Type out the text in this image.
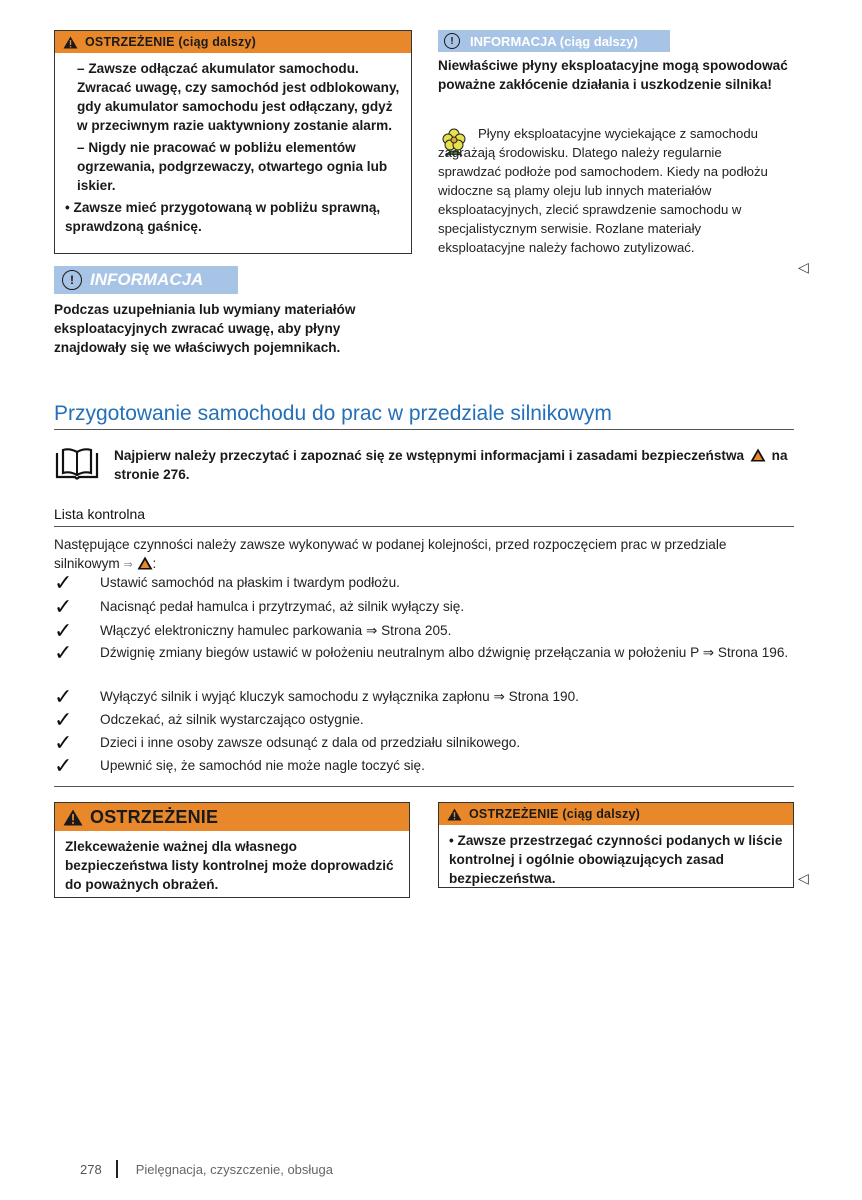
OSTRZEŻENIE (ciąg dalszy)

– Zawsze odłączać akumulator samochodu. Zwracać uwagę, czy samochód jest odblokowany, gdy akumulator samochodu jest odłączany, gdyż w przeciwnym razie uaktywniony zostanie alarm.

– Nigdy nie pracować w pobliżu elementów ogrzewania, podgrzewaczy, otwartego ognia lub iskier.

• Zawsze mieć przygotowaną w pobliżu sprawną, sprawdzoną gaśnicę.

! INFORMACJA
Podczas uzupełniania lub wymiany materiałów eksploatacyjnych zwracać uwagę, aby płyny znajdowały się we właściwych pojemnikach.
!	INFORMACJA (ciąg dalszy)
Niewłaściwe płyny eksploatacyjne mogą spowodować poważne zakłócenie działania i uszkodzenie silnika!
Płyny eksploatacyjne wyciekające z samochodu zagrażają środowisku. Dlatego należy regularnie sprawdzać podłoże pod samochodem. Kiedy na podłożu widoczne są plamy oleju lub innych materiałów eksploatacyjnych, zlecić sprawdzenie samochodu w specjalistycznym serwisie. Rozlane materiały eksploatacyjne należy fachowo zutylizować.
◁
Przygotowanie samochodu do prac w przedziale silnikowym
Najpierw należy przeczytać i zapoznać się ze wstępnymi informacjami i zasadami bezpieczeństwa na stronie 276.
Lista kontrolna
Następujące czynności należy zawsze wykonywać w podanej kolejności, przed rozpoczęciem prac w przedziale silnikowym ⇒ :
✓	Ustawić samochód na płaskim i twardym podłożu.
✓	Nacisnąć pedał hamulca i przytrzymać, aż silnik wyłączy się.
✓	Włączyć elektroniczny hamulec parkowania ⇒ Strona 205.
✓	Dźwignię zmiany biegów ustawić w położeniu neutralnym albo dźwignię przełączania w położeniu P ⇒ Strona 196.
✓	Wyłączyć silnik i wyjąć kluczyk samochodu z wyłącznika zapłonu ⇒ Strona 190.
✓	Odczekać, aż silnik wystarczająco ostygnie.
✓	Dzieci i inne osoby zawsze odsunąć z dala od przedziału silnikowego.
✓	Upewnić się, że samochód nie może nagle toczyć się.
OSTRZEŻENIE

Zlekceważenie ważnej dla własnego bezpieczeństwa listy kontrolnej może doprowadzić do poważnych obrażeń.

OSTRZEŻENIE (ciąg dalszy)

• Zawsze przestrzegać czynności podanych w liście kontrolnej i ogólnie obowiązujących zasad bezpieczeństwa.	◁
278	Pielęgnacja, czyszczenie, obsługa
